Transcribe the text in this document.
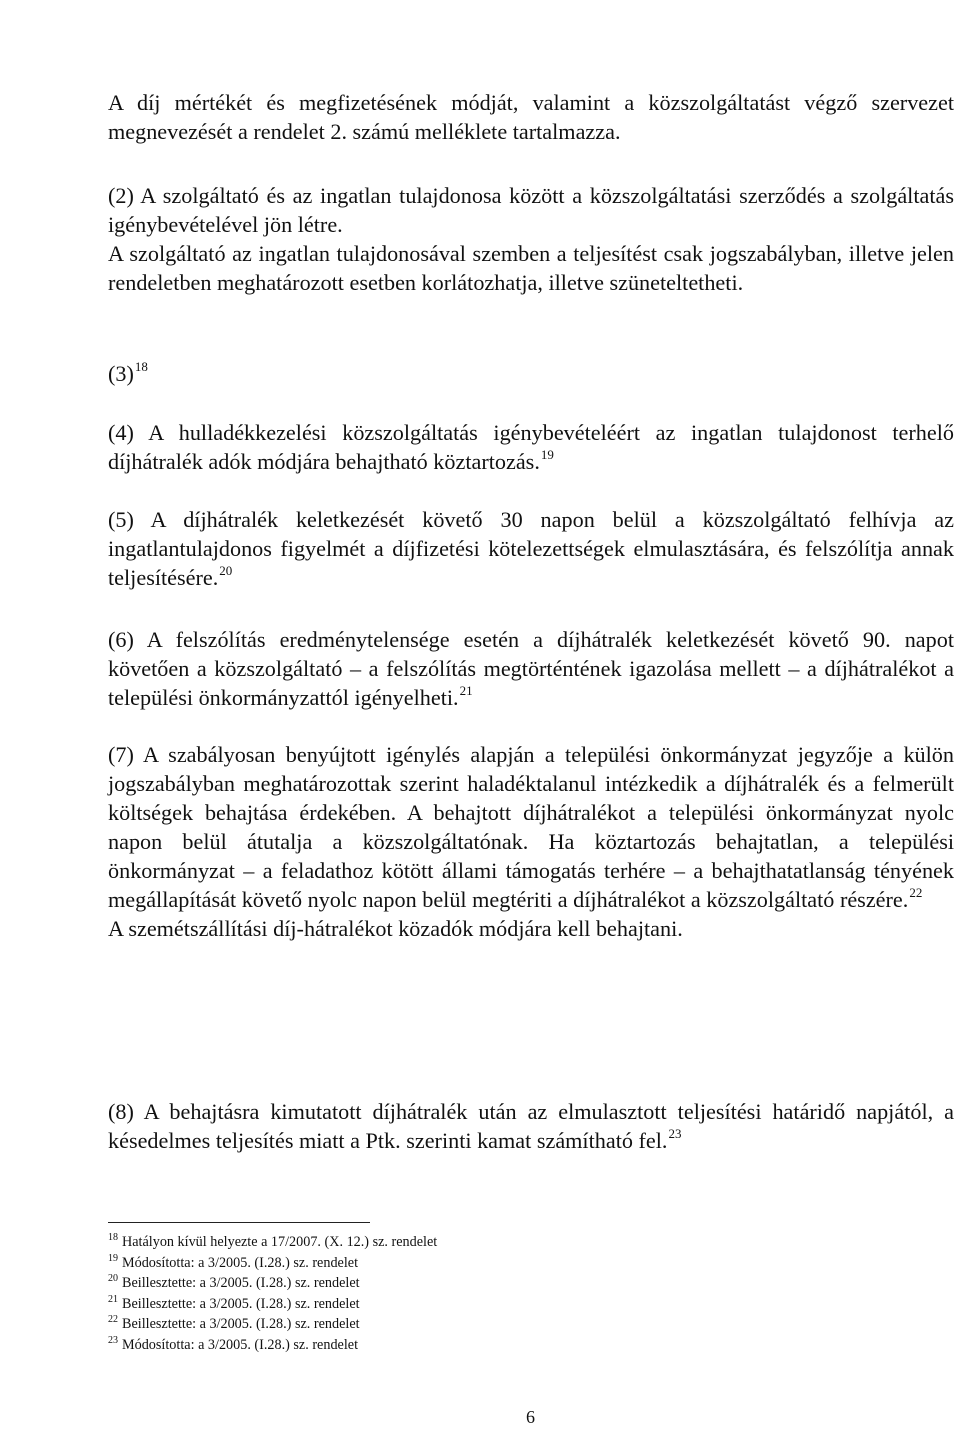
A díj mértékét és megfizetésének módját, valamint a közszolgáltatást végző szervezet megnevezését a rendelet 2. számú melléklete tartalmazza.

(2) A szolgáltató és az ingatlan tulajdonosa között a közszolgáltatási szerződés a szolgáltatás igénybevételével jön létre.

A szolgáltató az ingatlan tulajdonosával szemben a teljesítést csak jogszabályban, illetve jelen rendeletben meghatározott esetben korlátozhatja, illetve szüneteltetheti.

$(3)^{18}$

(4) A hulladékkezelési közszolgáltatás igénybevételéért az ingatlan tulajdonost terhelő díjhátralék adók módjára behajtható köztartozás.$^{19}$

(5) A díjhátralék keletkezését követő 30 napon belül a közszolgáltató felhívja az ingatlantulajdonos figyelmét a díjfizetési kötelezettségek elmulasztására, és felszólítja annak teljesítésére.$^{20}$

(6) A felszólítás eredménytelensége esetén a díjhátralék keletkezését követő 90. napot követően a közszolgáltató – a felszólítás megtörténtének igazolása mellett – a díjhátralékot a települési önkormányzattól igényelheti.$^{21}$

(7) A szabályosan benyújtott igénylés alapján a települési önkormányzat jegyzője a külön jogszabályban meghatározottak szerint haladéktalanul intézkedik a díjhátralék és a felmerült költségek behajtása érdekében. A behajtott díjhátralékot a települési önkormányzat nyolc napon belül átutalja a közszolgáltatónak. Ha köztartozás behajtatlan, a települési önkormányzat – a feladathoz kötött állami támogatás terhére – a behajthatatlanság tényének megállapítását követő nyolc napon belül megtériti a díjhátralékot a közszolgáltató részére.$^{22}$

A szemétszállítási díj-hátralékot közadók módjára kell behajtani.

(8) A behajtásra kimutatott díjhátralék után az elmulasztott teljesítési határidő napjától, a késedelmes teljesítés miatt a Ptk. szerinti kamat számítható fel.$^{23}$

$^{18}$ Hatályon kívül helyezte a 17/2007. (X. 12.) sz. rendelet

$^{19}$ Módosította: a 3/2005. (I.28.) sz. rendelet

$^{20}$ Beillesztette: a 3/2005. (I.28.) sz. rendelet

$^{21}$ Beillesztette: a 3/2005. (I.28.) sz. rendelet

$^{22}$ Beillesztette: a 3/2005. (I.28.) sz. rendelet

$^{23}$ Módosította: a 3/2005. (I.28.) sz. rendelet

6
